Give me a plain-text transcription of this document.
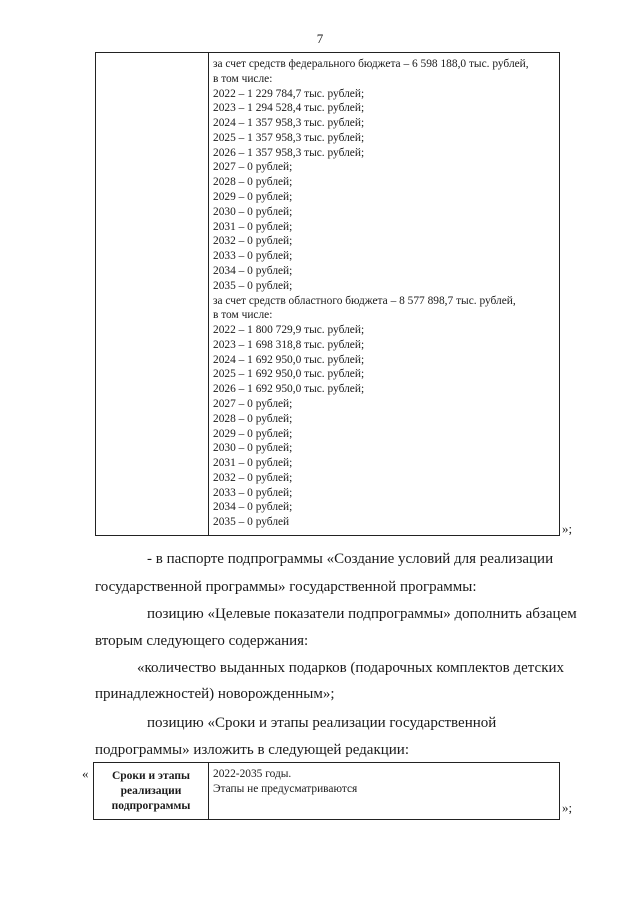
7
за счет средств федерального бюджета – 6 598 188,0 тыс. рублей,
в том числе:
2022 – 1 229 784,7 тыс. рублей;
2023 – 1 294 528,4 тыс. рублей;
2024 – 1 357 958,3 тыс. рублей;
2025 – 1 357 958,3 тыс. рублей;
2026 – 1 357 958,3 тыс. рублей;
2027 – 0 рублей;
2028 – 0 рублей;
2029 – 0 рублей;
2030 – 0 рублей;
2031 – 0 рублей;
2032 – 0 рублей;
2033 – 0 рублей;
2034 – 0 рублей;
2035 – 0 рублей;
за счет средств областного бюджета – 8 577 898,7 тыс. рублей,
в том числе:
2022 – 1 800 729,9 тыс. рублей;
2023 – 1 698 318,8 тыс. рублей;
2024 – 1 692 950,0 тыс. рублей;
2025 – 1 692 950,0 тыс. рублей;
2026 – 1 692 950,0 тыс. рублей;
2027 – 0 рублей;
2028 – 0 рублей;
2029 – 0 рублей;
2030 – 0 рублей;
2031 – 0 рублей;
2032 – 0 рублей;
2033 – 0 рублей;
2034 – 0 рублей;
2035 – 0 рублей	»;
- в паспорте подпрограммы «Создание условий для реализации
государственной программы» государственной программы:
позицию «Целевые показатели подпрограммы» дополнить абзацем
вторым следующего содержания:
«количество выданных подарков (подарочных комплектов детских
принадлежностей) новорожденным»;
позицию «Сроки и этапы реализации государственной
подрограммы» изложить в следующей редакции:
«	Сроки и этапы
реализации
подпрограммы
2022-2035 годы.
Этапы не предусматриваются
»;
